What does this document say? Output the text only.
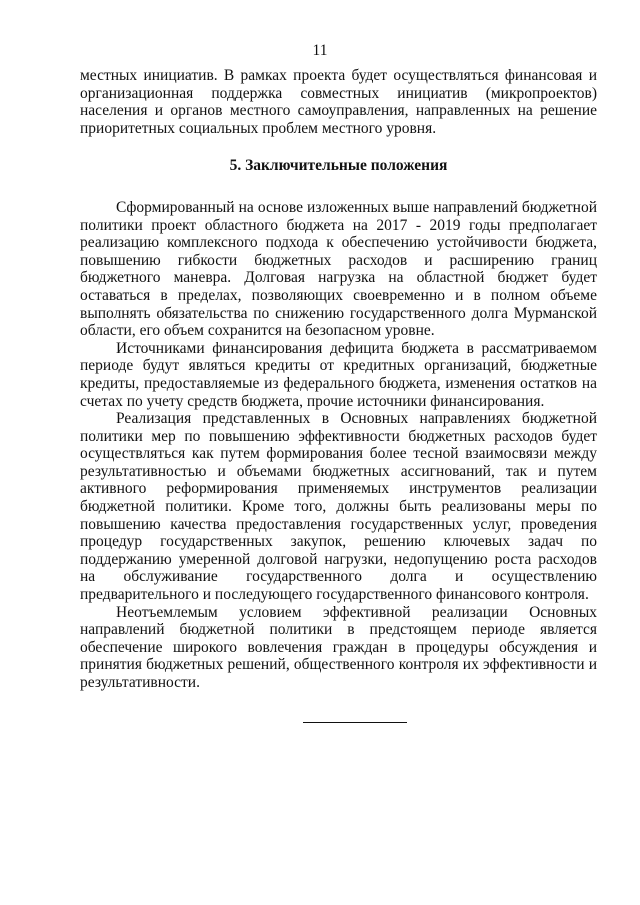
11

местных инициатив. В рамках проекта будет осуществляться финансовая и организационная поддержка совместных инициатив (микропроектов) населения и органов местного самоуправления, направленных на решение приоритетных социальных проблем местного уровня.

5. Заключительные положения

Сформированный на основе изложенных выше направлений бюджетной политики проект областного бюджета на 2017 - 2019 годы предполагает реализацию комплексного подхода к обеспечению устойчивости бюджета, повышению гибкости бюджетных расходов и расширению границ бюджетного маневра. Долговая нагрузка на областной бюджет будет оставаться в пределах, позволяющих своевременно и в полном объеме выполнять обязательства по снижению государственного долга Мурманской области, его объем сохранится на безопасном уровне.

Источниками финансирования дефицита бюджета в рассматриваемом периоде будут являться кредиты от кредитных организаций, бюджетные кредиты, предоставляемые из федерального бюджета, изменения остатков на счетах по учету средств бюджета, прочие источники финансирования.

Реализация представленных в Основных направлениях бюджетной политики мер по повышению эффективности бюджетных расходов будет осуществляться как путем формирования более тесной взаимосвязи между результативностью и объемами бюджетных ассигнований, так и путем активного реформирования применяемых инструментов реализации бюджетной политики. Кроме того, должны быть реализованы меры по повышению качества предоставления государственных услуг, проведения процедур государственных закупок, решению ключевых задач по поддержанию умеренной долговой нагрузки, недопущению роста расходов на обслуживание государственного долга и осуществлению предварительного и последующего государственного финансового контроля.

Неотъемлемым условием эффективной реализации Основных направлений бюджетной политики в предстоящем периоде является обеспечение широкого вовлечения граждан в процедуры обсуждения и принятия бюджетных решений, общественного контроля их эффективности и результативности.
